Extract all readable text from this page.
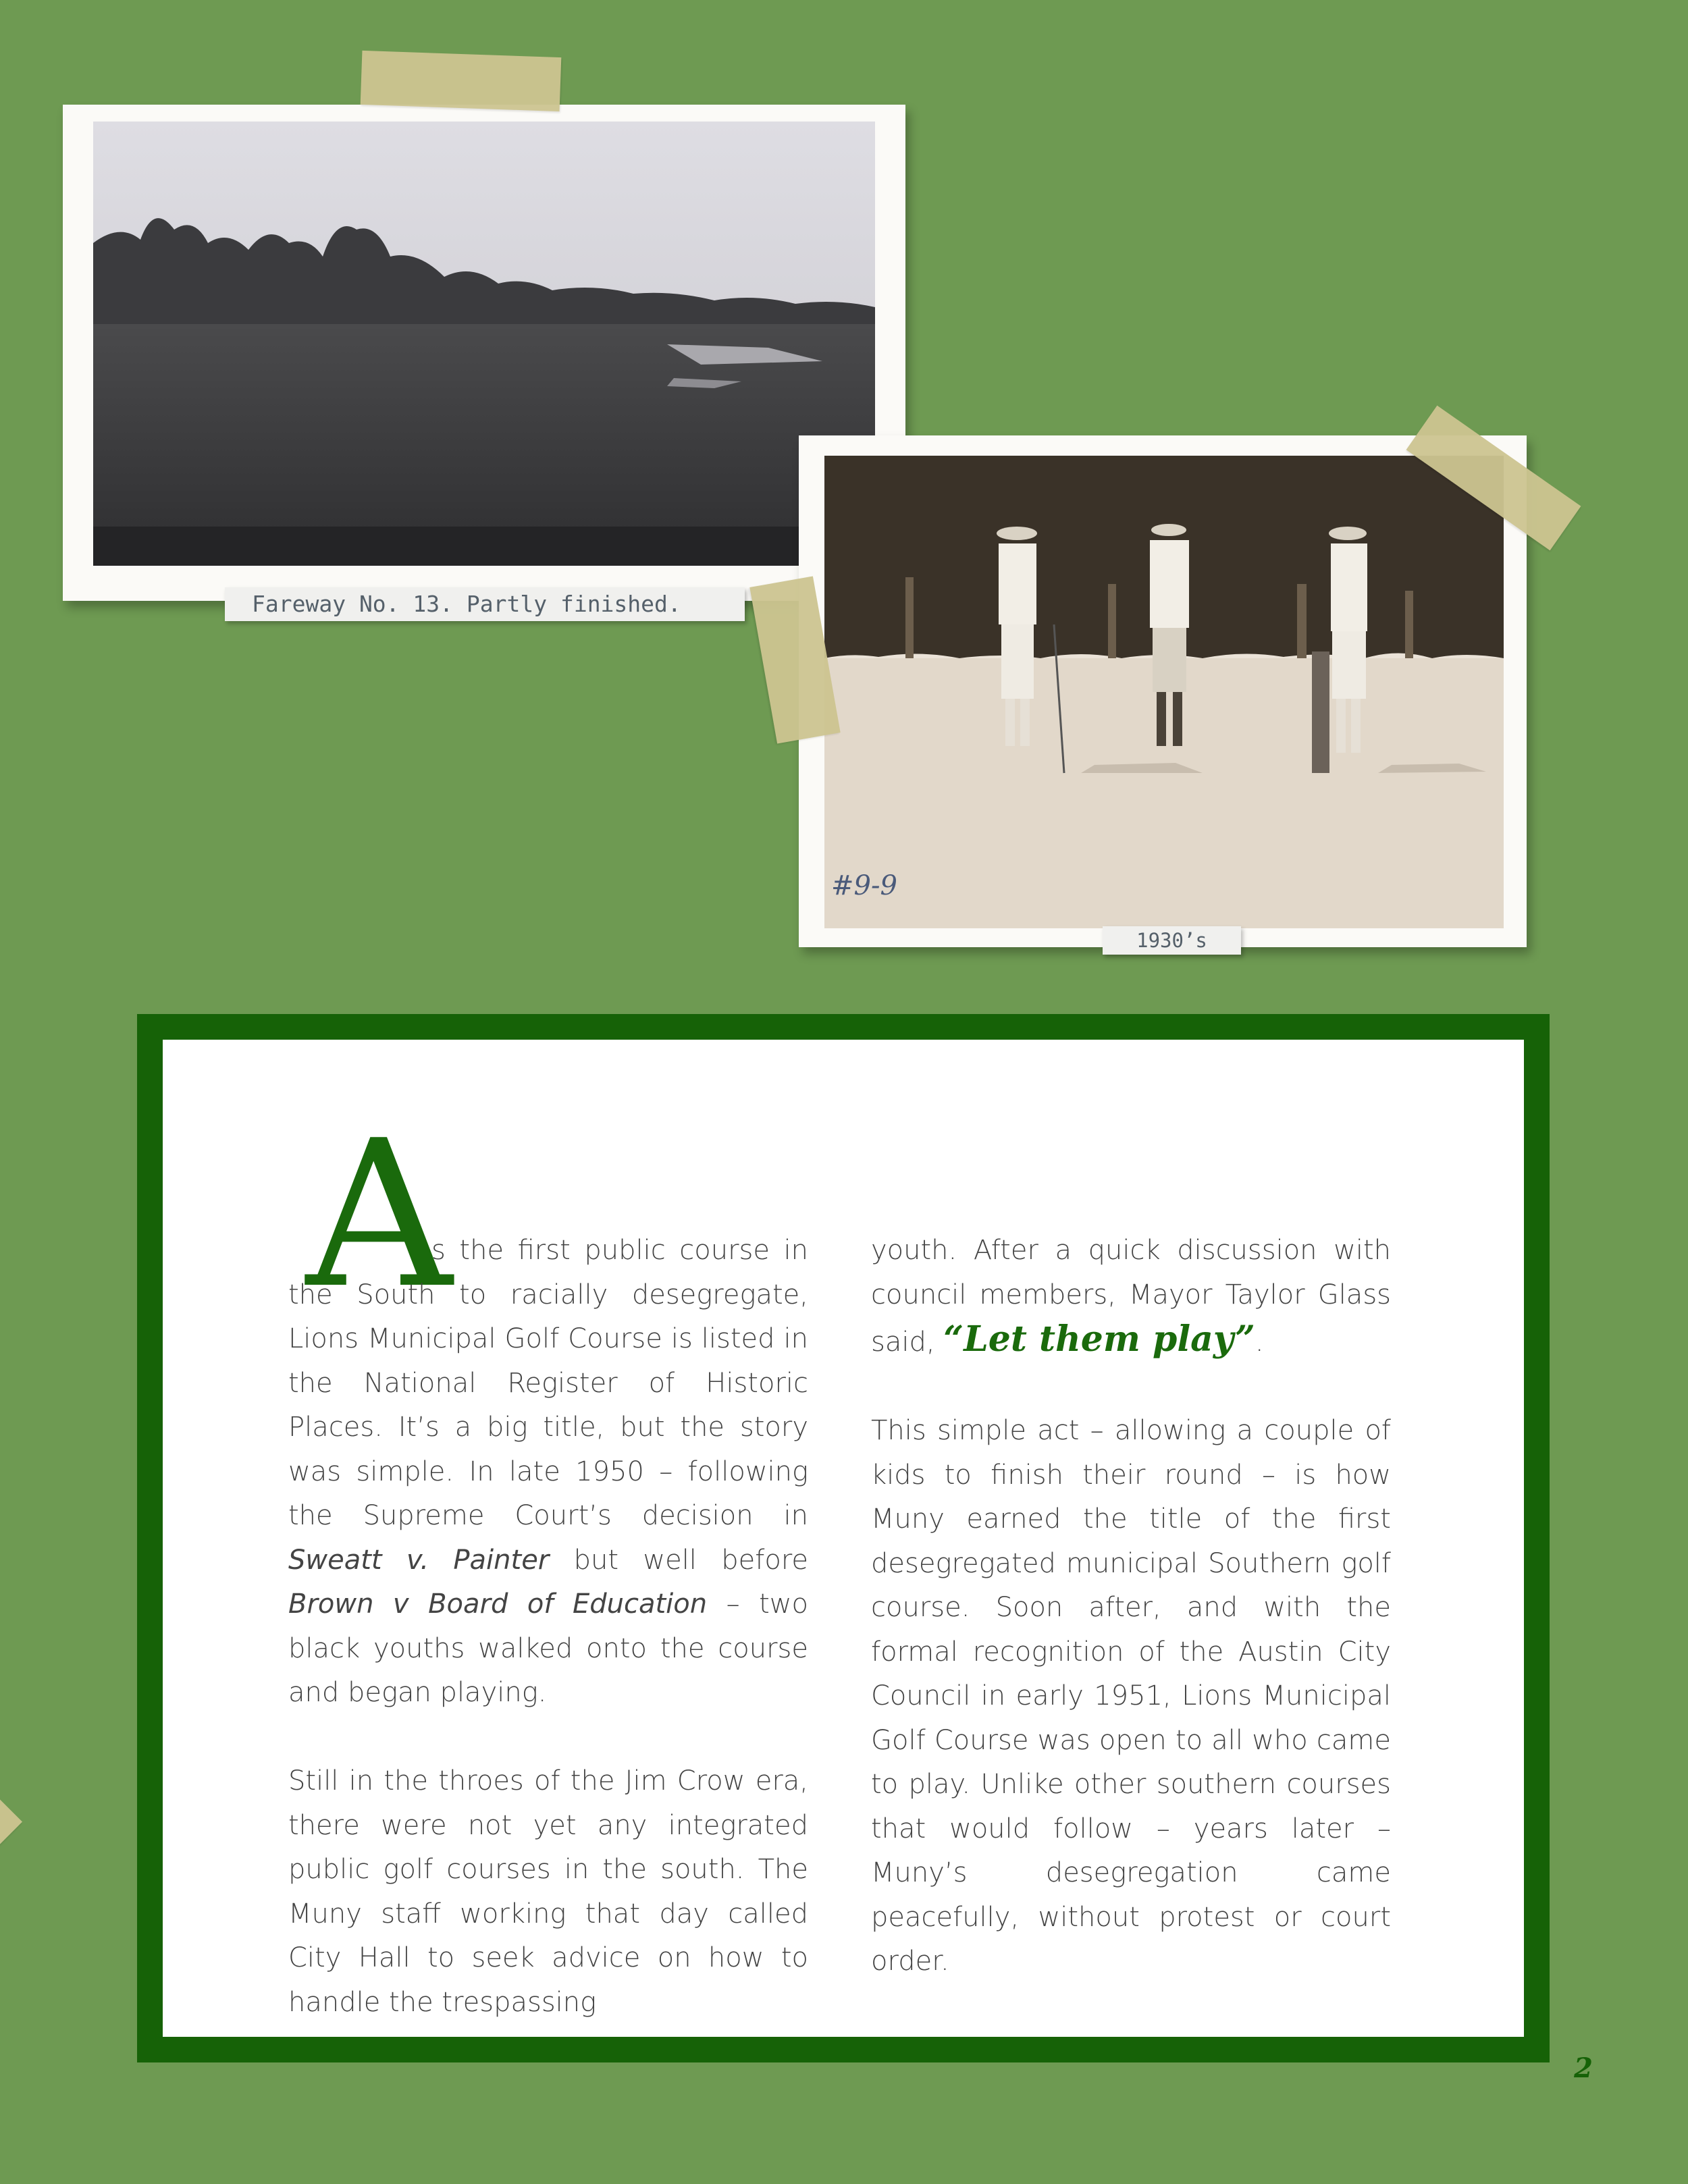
Fareway No. 13. Partly finished.
#9-9
1930’s
A

s the first public course in the South to racially desegregate, Lions Municipal Golf Course is listed in the National Register of Historic Places. It’s a big title, but the story was simple. In late 1950 – following the Supreme Court’s decision in Sweatt v. Painter but well before Brown v Board of Education – two black youths walked onto the course and began playing.

Still in the throes of the Jim Crow era, there were not yet any integrated public golf courses in the south. The Muny staff working that day called City Hall to seek advice on how to handle the trespassing

youth. After a quick discussion with council members, Mayor Taylor Glass said, “Let them play”.

This simple act – allowing a couple of kids to finish their round – is how Muny earned the title of the first desegregated municipal Southern golf course. Soon after, and with the formal recognition of the Austin City Council in early 1951, Lions Municipal Golf Course was open to all who came to play. Unlike other southern courses that would follow – years later – Muny’s desegregation came peacefully, without protest or court order.

2
